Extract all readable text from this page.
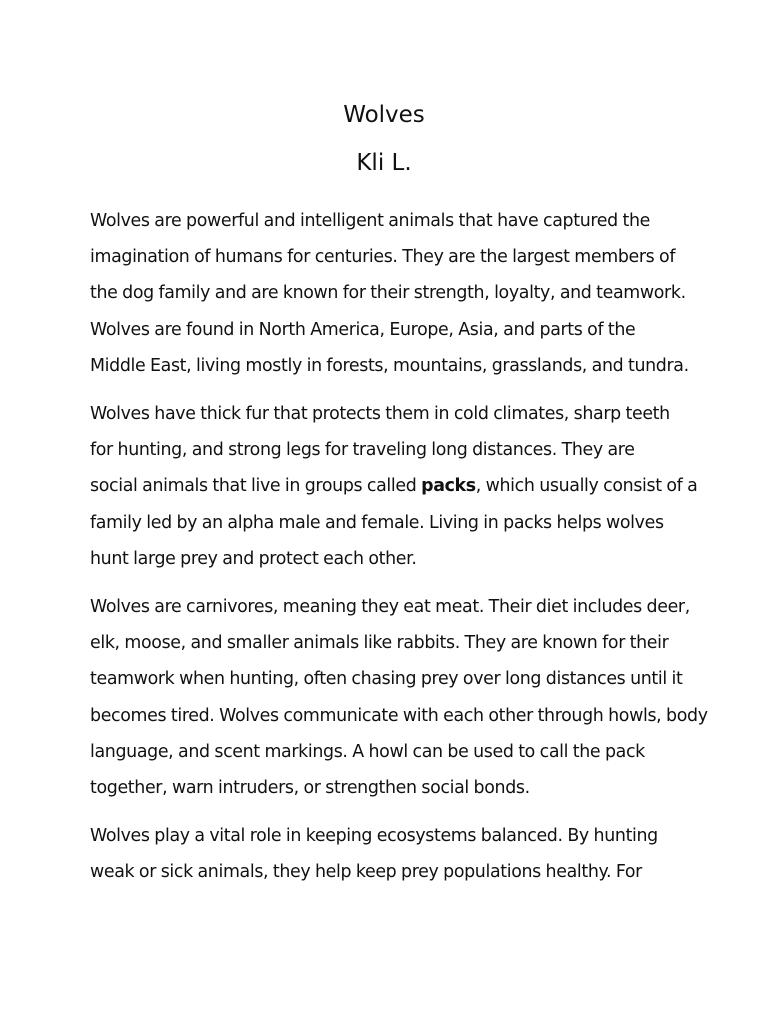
Wolves
Kli L.

Wolves are powerful and intelligent animals that have captured the
imagination of humans for centuries. They are the largest members of
the dog family and are known for their strength, loyalty, and teamwork.
Wolves are found in North America, Europe, Asia, and parts of the
Middle East, living mostly in forests, mountains, grasslands, and tundra.

Wolves have thick fur that protects them in cold climates, sharp teeth
for hunting, and strong legs for traveling long distances. They are
social animals that live in groups called packs, which usually consist of a
family led by an alpha male and female. Living in packs helps wolves
hunt large prey and protect each other.

Wolves are carnivores, meaning they eat meat. Their diet includes deer,
elk, moose, and smaller animals like rabbits. They are known for their
teamwork when hunting, often chasing prey over long distances until it
becomes tired. Wolves communicate with each other through howls, body
language, and scent markings. A howl can be used to call the pack
together, warn intruders, or strengthen social bonds.

Wolves play a vital role in keeping ecosystems balanced. By hunting
weak or sick animals, they help keep prey populations healthy. For
